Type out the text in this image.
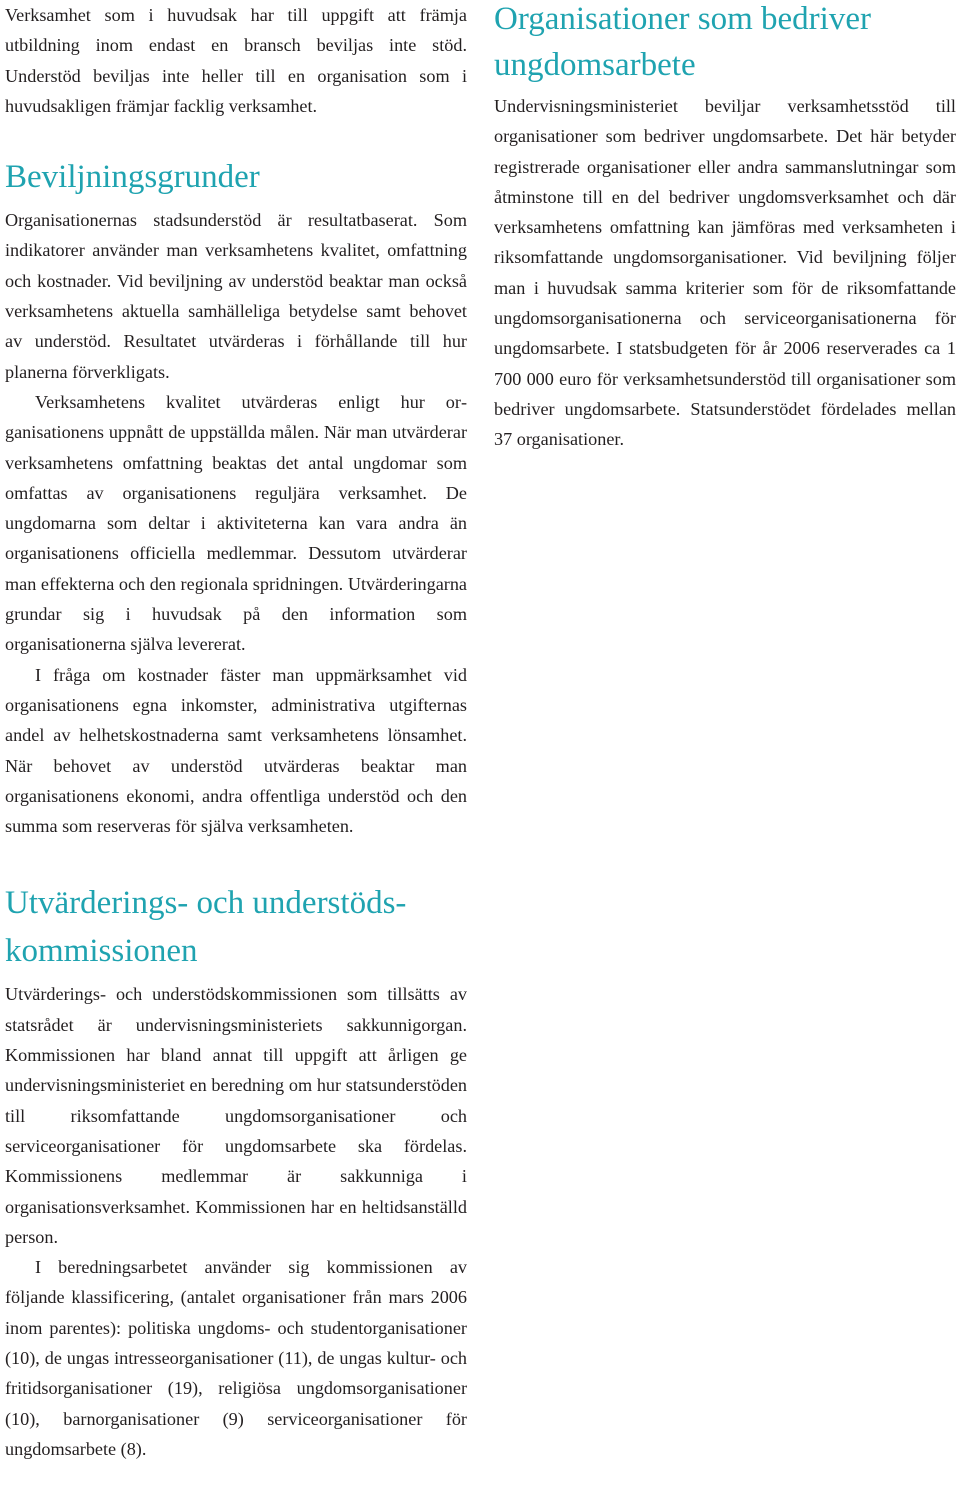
Verksamhet som i huvudsak har till uppgift att främja utbildning inom endast en bransch beviljas inte stöd. Understöd beviljas inte heller till en organisation som i huvudsakligen främjar facklig verksamhet.

Beviljningsgrunder

Organisationernas stadsunderstöd är resultatbaserat. Som indikatorer använder man verksamhetens kvalitet, omfattning och kostnader. Vid beviljning av understöd beaktar man också verksamhetens aktuella samhälleliga betydelse samt behovet av understöd. Resultatet utvärderas i förhållande till hur planerna förverkligats.

Verksamhetens kvalitet utvärderas enligt hur organisationens uppnått de uppställda målen. När man utvärderar verksamhetens omfattning beaktas det antal ungdomar som omfattas av organisationens reguljära verksamhet. De ungdomarna som deltar i aktiviteterna kan vara andra än organisationens officiella medlemmar. Dessutom utvärderar man effekterna och den regionala spridningen. Utvärderingarna grundar sig i huvudsak på den information som organisationerna själva levererat.

I fråga om kostnader fäster man uppmärksamhet vid organisationens egna inkomster, administrativa utgifternas andel av helhetskostnaderna samt verksamhetens lönsamhet. När behovet av understöd utvärderas beaktar man organisationens ekonomi, andra offentliga understöd och den summa som reserveras för själva verksamheten.

Utvärderings- och understödskommissionen

Utvärderings- och understödskommissionen som tillsätts av statsrådet är undervisningsministeriets sakkunnigorgan. Kommissionen har bland annat till uppgift att årligen ge undervisningsministeriet en beredning om hur statsunderstöden till riksomfattande ungdomsorganisationer och serviceorganisationer för ungdomsarbete ska fördelas. Kommissionens medlemmar är sakkunniga i organisationsverksamhet. Kommissionen har en heltidsanställd person.

I beredningsarbetet använder sig kommissionen av följande klassificering, (antalet organisationer från mars 2006 inom parentes): politiska ungdoms- och studentorganisationer (10), de ungas intresseorganisationer (11), de ungas kultur- och fritidsorganisationer (19), religiösa ungdomsorganisationer (10), barnorganisationer (9) serviceorganisationer för ungdomsarbete (8).

Organisationer som bedriver ungdomsarbete

Undervisningsministeriet beviljar verksamhetsstöd till organisationer som bedriver ungdomsarbete. Det här betyder registrerade organisationer eller andra sammanslutningar som åtminstone till en del bedriver ungdomsverksamhet och där verksamhetens omfattning kan jämföras med verksamheten i riksomfattande ungdomsorganisationer. Vid beviljning följer man i huvudsak samma kriterier som för de riksomfattande ungdomsorganisationerna och serviceorganisationerna för ungdomsarbete. I statsbudgeten för år 2006 reserverades ca 1 700 000 euro för verksamhetsunderstöd till organisationer som bedriver ungdomsarbete. Statsunderstödet fördelades mellan 37 organisationer.
